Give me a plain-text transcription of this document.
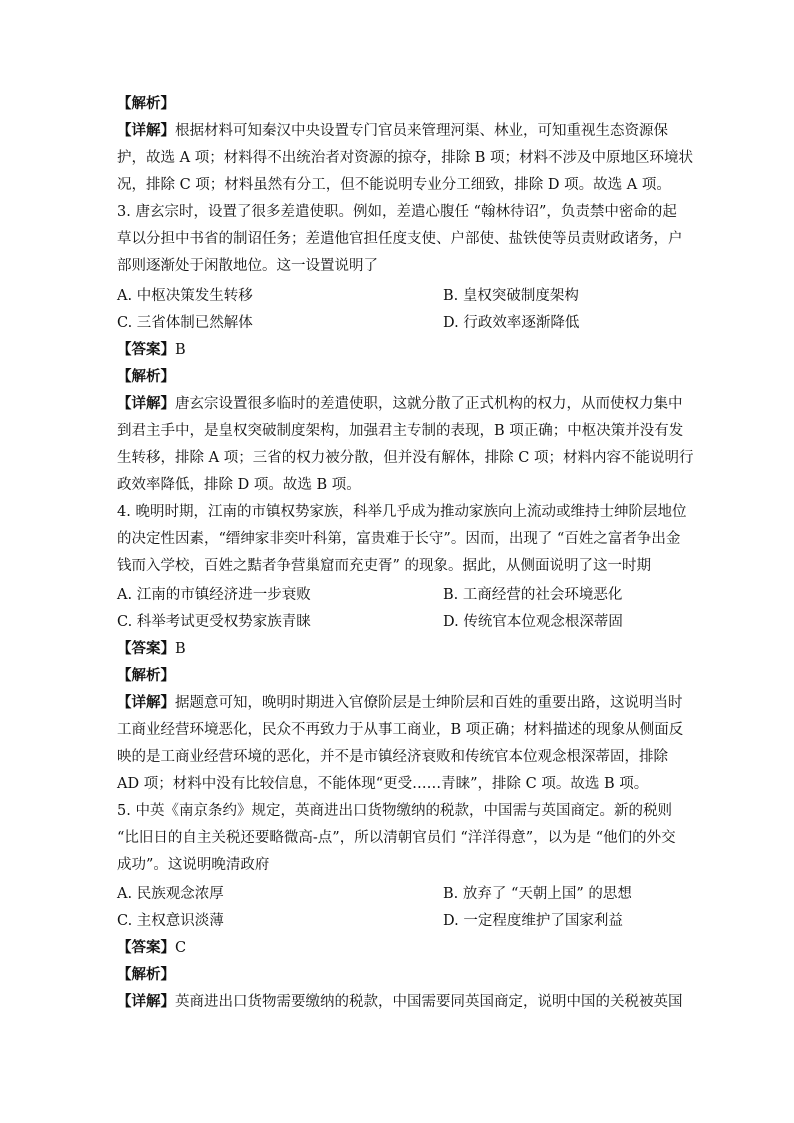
【解析】
【详解】根据材料可知秦汉中央设置专门官员来管理河渠、林业，可知重视生态资源保
护，故选 A 项；材料得不出统治者对资源的掠夺，排除 B 项；材料不涉及中原地区环境状
况，排除 C 项；材料虽然有分工，但不能说明专业分工细致，排除 D 项。故选 A 项。
3. 唐玄宗时，设置了很多差遣使职。例如，差遣心腹任 “翰林待诏”，负责禁中密命的起
草以分担中书省的制诏任务；差遣他官担任度支使、户部使、盐铁使等员责财政诸务，户
部则逐渐处于闲散地位。这一设置说明了
A. 中枢决策发生转移	B. 皇权突破制度架构
C. 三省体制已然解体	D. 行政效率逐渐降低
【答案】B
【解析】
【详解】唐玄宗设置很多临时的差遣使职，这就分散了正式机构的权力，从而使权力集中
到君主手中，是皇权突破制度架构，加强君主专制的表现，B 项正确；中枢决策并没有发
生转移，排除 A 项；三省的权力被分散，但并没有解体，排除 C 项；材料内容不能说明行
政效率降低，排除 D 项。故选 B 项。
4. 晚明时期，江南的市镇权势家族，科举几乎成为推动家族向上流动或维持士绅阶层地位
的决定性因素，“缙绅家非奕叶科第，富贵难于长守”。因而，出现了 “百姓之富者争出金
钱而入学校，百姓之黠者争营巢窟而充吏胥” 的现象。据此，从侧面说明了这一时期
A. 江南的市镇经济进一步衰败	B. 工商经营的社会环境恶化
C. 科举考试更受权势家族青睐	D. 传统官本位观念根深蒂固
【答案】B
【解析】
【详解】据题意可知，晚明时期进入官僚阶层是士绅阶层和百姓的重要出路，这说明当时
工商业经营环境恶化，民众不再致力于从事工商业，B 项正确；材料描述的现象从侧面反
映的是工商业经营环境的恶化，并不是市镇经济衰败和传统官本位观念根深蒂固，排除
AD 项；材料中没有比较信息，不能体现“更受……青睐”，排除 C 项。故选 B 项。
5. 中英《南京条约》规定，英商进出口货物缴纳的税款，中国需与英国商定。新的税则
“比旧日的自主关税还要略微高-点”，所以清朝官员们 “洋洋得意”，以为是 “他们的外交
成功”。这说明晚清政府
A. 民族观念浓厚	B. 放弃了 “天朝上国” 的思想
C. 主权意识淡薄	D. 一定程度维护了国家利益
【答案】C
【解析】
【详解】英商进出口货物需要缴纳的税款，中国需要同英国商定，说明中国的关税被英国
